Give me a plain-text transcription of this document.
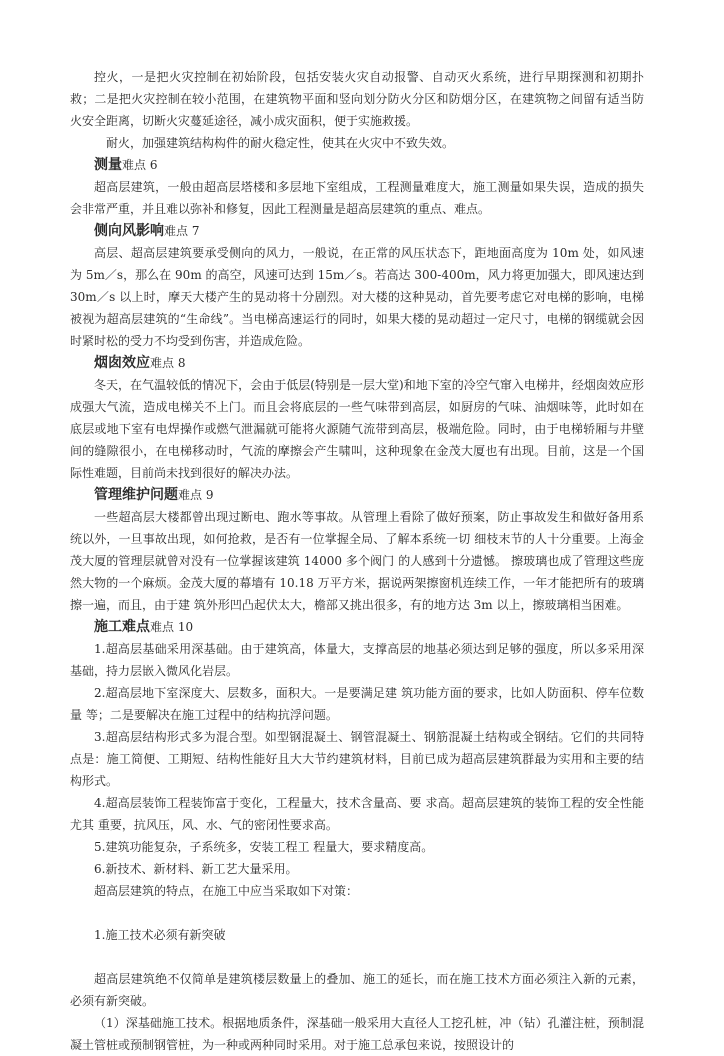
控火，一是把火灾控制在初始阶段，包括安装火灾自动报警、自动灭火系统，进行早期探测和初期扑救；二是把火灾控制在较小范围，在建筑物平面和竖向划分防火分区和防烟分区，在建筑物之间留有适当防火安全距离，切断火灾蔓延途径，减小成灾面积，便于实施救援。

耐火，加强建筑结构构件的耐火稳定性，使其在火灾中不致失效。

测量难点 6

超高层建筑，一般由超高层塔楼和多层地下室组成，工程测量难度大，施工测量如果失误，造成的损失会非常严重，并且难以弥补和修复，因此工程测量是超高层建筑的重点、难点。

侧向风影响难点 7

高层、超高层建筑要承受侧向的风力，一般说，在正常的风压状态下，距地面高度为 10m 处，如风速为 5m／s，那么在 90m 的高空，风速可达到 15m／s。若高达 300-400m，风力将更加强大，即风速达到 30m／s 以上时，摩天大楼产生的晃动将十分剧烈。对大楼的这种晃动，首先要考虑它对电梯的影响，电梯被视为超高层建筑的“生命线”。当电梯高速运行的同时，如果大楼的晃动超过一定尺寸，电梯的钢缆就会因时紧时松的受力不均受到伤害，并造成危险。

烟囱效应难点 8

冬天，在气温较低的情况下，会由于低层(特别是一层大堂)和地下室的冷空气窜入电梯井，经烟囱效应形成强大气流，造成电梯关不上门。而且会将底层的一些气味带到高层，如厨房的气味、油烟味等，此时如在底层或地下室有电焊操作或燃气泄漏就可能将火源随气流带到高层，极端危险。同时，由于电梯轿厢与井壁间的缝隙很小，在电梯移动时，气流的摩擦会产生啸叫，这种现象在金茂大厦也有出现。目前，这是一个国际性难题，目前尚未找到很好的解决办法。

管理维护问题难点 9

一些超高层大楼都曾出现过断电、跑水等事故。从管理上看除了做好预案，防止事故发生和做好备用系统以外，一旦事故出现，如何抢救，是否有一位掌握全局、了解本系统一切 细枝末节的人十分重要。上海金茂大厦的管理层就曾对没有一位掌握该建筑 14000 多个阀门 的人感到十分遗憾。 擦玻璃也成了管理这些庞然大物的一个麻烦。金茂大厦的幕墙有 10.18 万平方米，据说两架擦窗机连续工作，一年才能把所有的玻璃擦一遍，而且，由于建 筑外形凹凸起伏太大，檐部又挑出很多，有的地方达 3m 以上，擦玻璃相当困难。

施工难点难点 10

1.超高层基础采用深基础。由于建筑高，体量大，支撑高层的地基必须达到足够的强度，所以多采用深基础，持力层嵌入微风化岩层。

2.超高层地下室深度大、层数多，面积大。一是要满足建 筑功能方面的要求，比如人防面积、停车位数量 等；二是要解决在施工过程中的结构抗浮问题。

3.超高层结构形式多为混合型。如型钢混凝土、钢管混凝土、钢筋混凝土结构或全钢结。它们的共同特点是：施工简便、工期短、结构性能好且大大节约建筑材料，目前已成为超高层建筑群最为实用和主要的结构形式。

4.超高层装饰工程装饰富于变化，工程量大，技术含量高、要 求高。超高层建筑的装饰工程的安全性能尤其 重要，抗风压，风、水、气的密闭性要求高。

5.建筑功能复杂，子系统多，安装工程工 程量大，要求精度高。

6.新技术、新材料、新工艺大量采用。

超高层建筑的特点，在施工中应当采取如下对策：

1.施工技术必须有新突破

超高层建筑绝不仅简单是建筑楼层数量上的叠加、施工的延长，而在施工技术方面必须注入新的元素，必须有新突破。

（1）深基础施工技术。根据地质条件，深基础一般采用大直径人工挖孔桩，冲（钻）孔灌注桩，预制混凝土管桩或预制钢管桩，为一种或两种同时采用。对于施工总承包来说，按照设计的
